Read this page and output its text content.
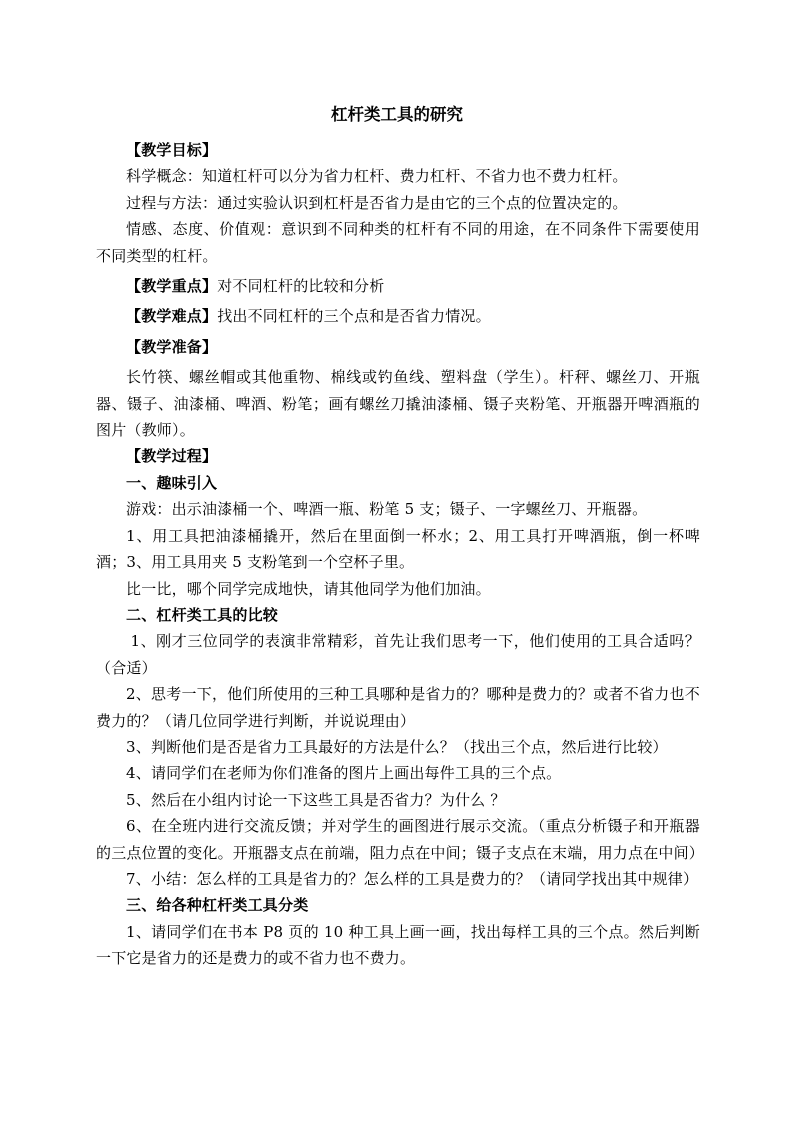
杠杆类工具的研究

【教学目标】

科学概念：知道杠杆可以分为省力杠杆、费力杠杆、不省力也不费力杠杆。

过程与方法：通过实验认识到杠杆是否省力是由它的三个点的位置决定的。

情感、态度、价值观：意识到不同种类的杠杆有不同的用途，在不同条件下需要使用不同类型的杠杆。

【教学重点】对不同杠杆的比较和分析

【教学难点】找出不同杠杆的三个点和是否省力情况。

【教学准备】

长竹筷、螺丝帽或其他重物、棉线或钓鱼线、塑料盘（学生）。杆秤、螺丝刀、开瓶器、镊子、油漆桶、啤酒、粉笔；画有螺丝刀撬油漆桶、镊子夹粉笔、开瓶器开啤酒瓶的图片（教师）。

【教学过程】

一、趣味引入

游戏：出示油漆桶一个、啤酒一瓶、粉笔 5 支；镊子、一字螺丝刀、开瓶器。

1、用工具把油漆桶撬开，然后在里面倒一杯水；2、用工具打开啤酒瓶，倒一杯啤酒；3、用工具用夹 5 支粉笔到一个空杯子里。

比一比，哪个同学完成地快，请其他同学为他们加油。

二、杠杆类工具的比较

1、刚才三位同学的表演非常精彩，首先让我们思考一下，他们使用的工具合适吗？（合适）

2、思考一下，他们所使用的三种工具哪种是省力的？哪种是费力的？或者不省力也不费力的？（请几位同学进行判断，并说说理由）

3、判断他们是否是省力工具最好的方法是什么？（找出三个点，然后进行比较）

4、请同学们在老师为你们准备的图片上画出每件工具的三个点。

5、然后在小组内讨论一下这些工具是否省力？为什么 ？

6、在全班内进行交流反馈；并对学生的画图进行展示交流。（重点分析镊子和开瓶器的三点位置的变化。开瓶器支点在前端，阻力点在中间；镊子支点在末端，用力点在中间）

7、小结：怎么样的工具是省力的？怎么样的工具是费力的？（请同学找出其中规律）

三、给各种杠杆类工具分类

1、请同学们在书本 P8 页的 10 种工具上画一画，找出每样工具的三个点。然后判断一下它是省力的还是费力的或不省力也不费力。
